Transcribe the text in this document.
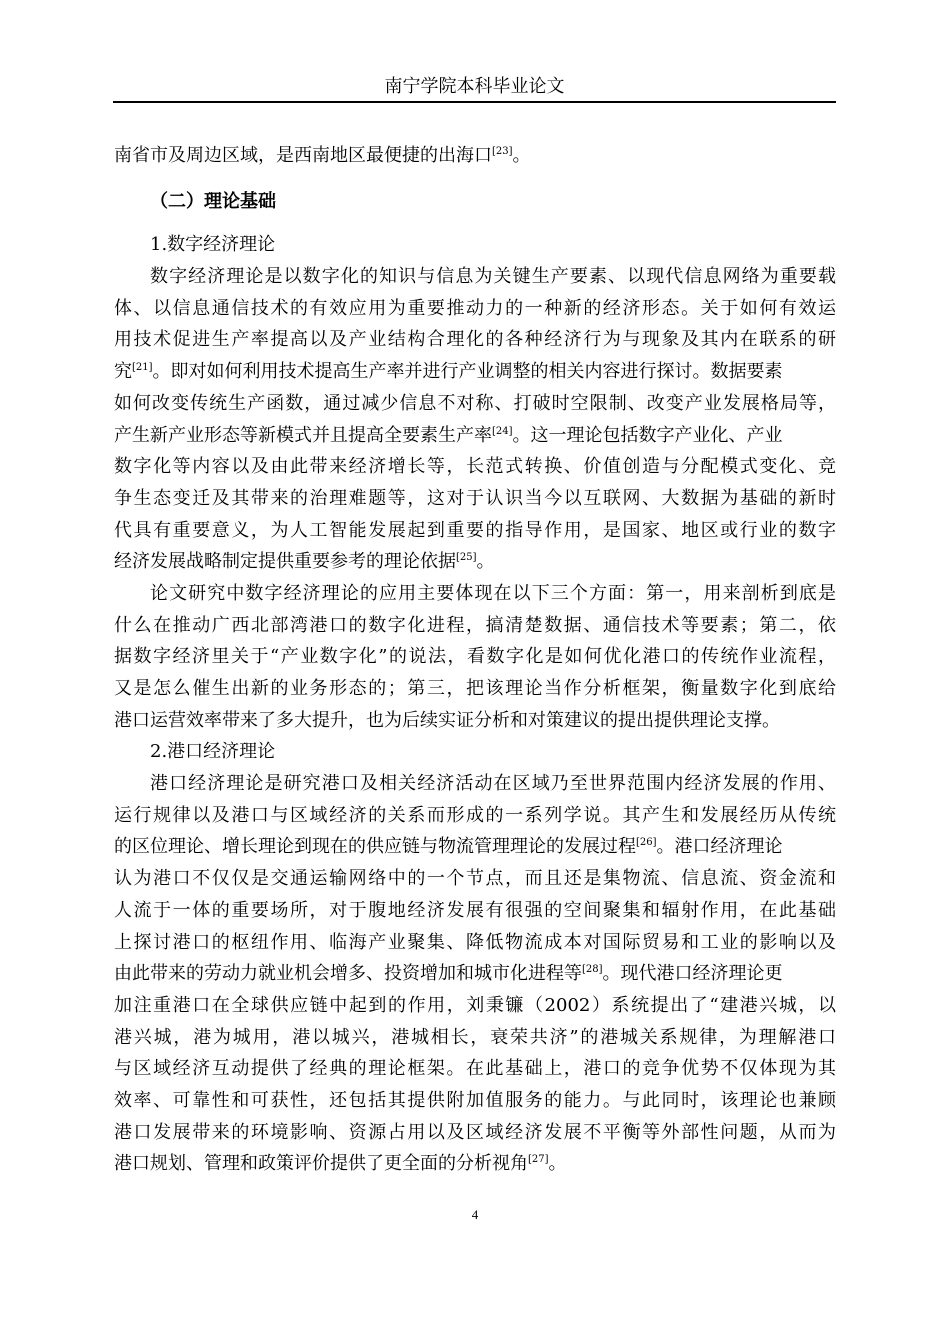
南宁学院本科毕业论文
南省市及周边区域，是西南地区最便捷的出海口[23]。
（二）理论基础
1.数字经济理论
数字经济理论是以数字化的知识与信息为关键生产要素、以现代信息网络为重要载
体、以信息通信技术的有效应用为重要推动力的一种新的经济形态。关于如何有效运
用技术促进生产率提高以及产业结构合理化的各种经济行为与现象及其内在联系的研
究[21]。即对如何利用技术提高生产率并进行产业调整的相关内容进行探讨。数据要素
如何改变传统生产函数，通过减少信息不对称、打破时空限制、改变产业发展格局等，
产生新产业形态等新模式并且提高全要素生产率[24]。这一理论包括数字产业化、产业
数字化等内容以及由此带来经济增长等，长范式转换、价值创造与分配模式变化、竞
争生态变迁及其带来的治理难题等，这对于认识当今以互联网、大数据为基础的新时
代具有重要意义，为人工智能发展起到重要的指导作用，是国家、地区或行业的数字
经济发展战略制定提供重要参考的理论依据[25]。
论文研究中数字经济理论的应用主要体现在以下三个方面：第一，用来剖析到底是
什么在推动广西北部湾港口的数字化进程，搞清楚数据、通信技术等要素；第二，依
据数字经济里关于“产业数字化”的说法，看数字化是如何优化港口的传统作业流程，
又是怎么催生出新的业务形态的；第三，把该理论当作分析框架，衡量数字化到底给
港口运营效率带来了多大提升，也为后续实证分析和对策建议的提出提供理论支撑。
2.港口经济理论
港口经济理论是研究港口及相关经济活动在区域乃至世界范围内经济发展的作用、
运行规律以及港口与区域经济的关系而形成的一系列学说。其产生和发展经历从传统
的区位理论、增长理论到现在的供应链与物流管理理论的发展过程[26]。港口经济理论
认为港口不仅仅是交通运输网络中的一个节点，而且还是集物流、信息流、资金流和
人流于一体的重要场所，对于腹地经济发展有很强的空间聚集和辐射作用，在此基础
上探讨港口的枢纽作用、临海产业聚集、降低物流成本对国际贸易和工业的影响以及
由此带来的劳动力就业机会增多、投资增加和城市化进程等[28]。现代港口经济理论更
加注重港口在全球供应链中起到的作用，刘秉镰（2002）系统提出了“建港兴城，以
港兴城，港为城用，港以城兴，港城相长，衰荣共济”的港城关系规律，为理解港口
与区域经济互动提供了经典的理论框架。在此基础上，港口的竞争优势不仅体现为其
效率、可靠性和可获性，还包括其提供附加值服务的能力。与此同时，该理论也兼顾
港口发展带来的环境影响、资源占用以及区域经济发展不平衡等外部性问题，从而为
港口规划、管理和政策评价提供了更全面的分析视角[27]。
4
